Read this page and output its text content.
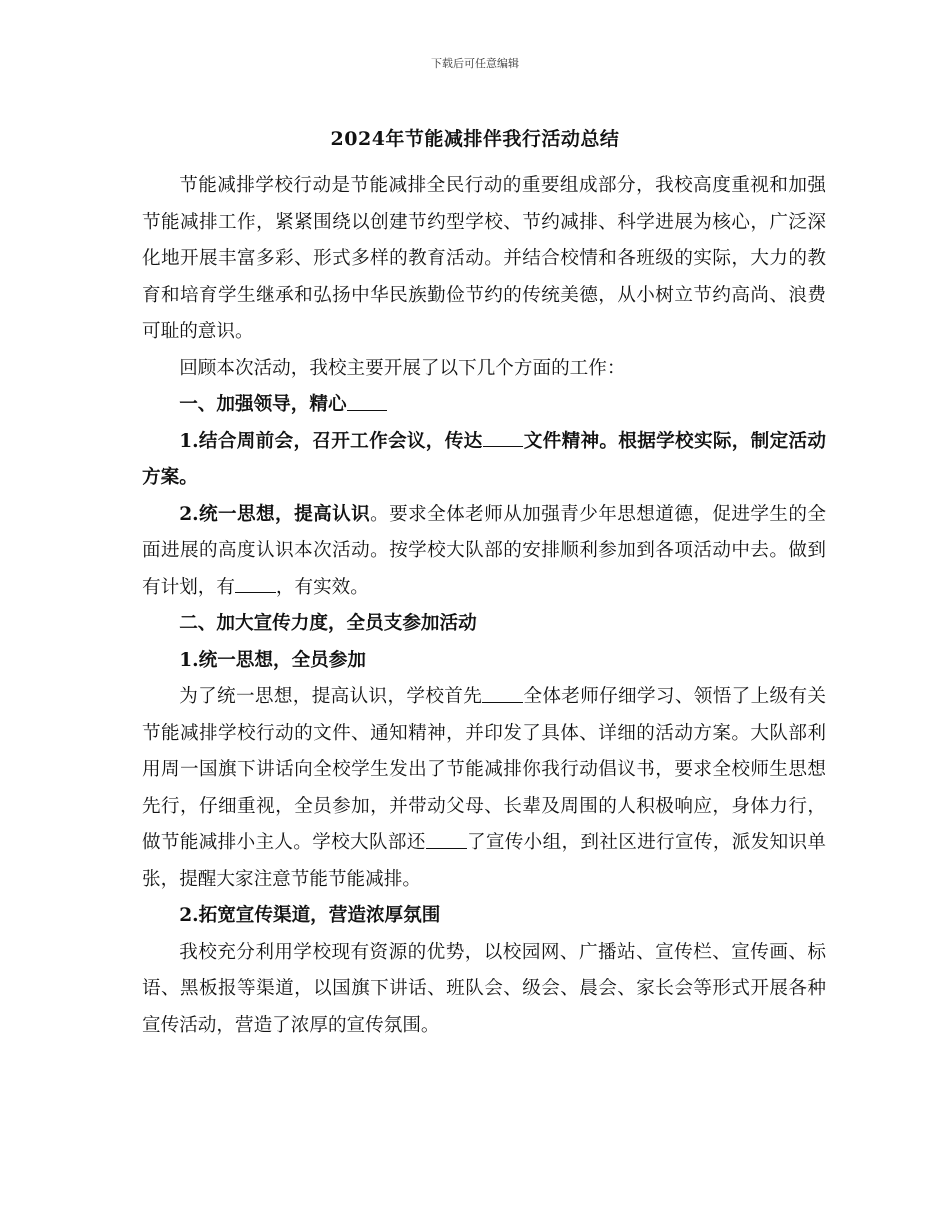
下载后可任意编辑
2024年节能减排伴我行活动总结

节能减排学校行动是节能减排全民行动的重要组成部分，我校高度重视和加强节能减排工作，紧紧围绕以创建节约型学校、节约减排、科学进展为核心，广泛深化地开展丰富多彩、形式多样的教育活动。并结合校情和各班级的实际，大力的教育和培育学生继承和弘扬中华民族勤俭节约的传统美德，从小树立节约高尚、浪费可耻的意识。

回顾本次活动，我校主要开展了以下几个方面的工作：

一、加强领导，精心

1.结合周前会，召开工作会议，传达 文件精神。根据学校实际，制定活动方案。

2.统一思想，提高认识。要求全体老师从加强青少年思想道德，促进学生的全面进展的高度认识本次活动。按学校大队部的安排顺利参加到各项活动中去。做到有计划，有 ，有实效。

二、加大宣传力度，全员支参加活动

1.统一思想，全员参加

为了统一思想，提高认识，学校首先 全体老师仔细学习、领悟了上级有关节能减排学校行动的文件、通知精神，并印发了具体、详细的活动方案。大队部利用周一国旗下讲话向全校学生发出了节能减排你我行动倡议书，要求全校师生思想先行，仔细重视，全员参加，并带动父母、长辈及周围的人积极响应，身体力行，做节能减排小主人。学校大队部还 了宣传小组，到社区进行宣传，派发知识单张，提醒大家注意节能节能减排。

2.拓宽宣传渠道，营造浓厚氛围

我校充分利用学校现有资源的优势，以校园网、广播站、宣传栏、宣传画、标语、黑板报等渠道，以国旗下讲话、班队会、级会、晨会、家长会等形式开展各种宣传活动，营造了浓厚的宣传氛围。
